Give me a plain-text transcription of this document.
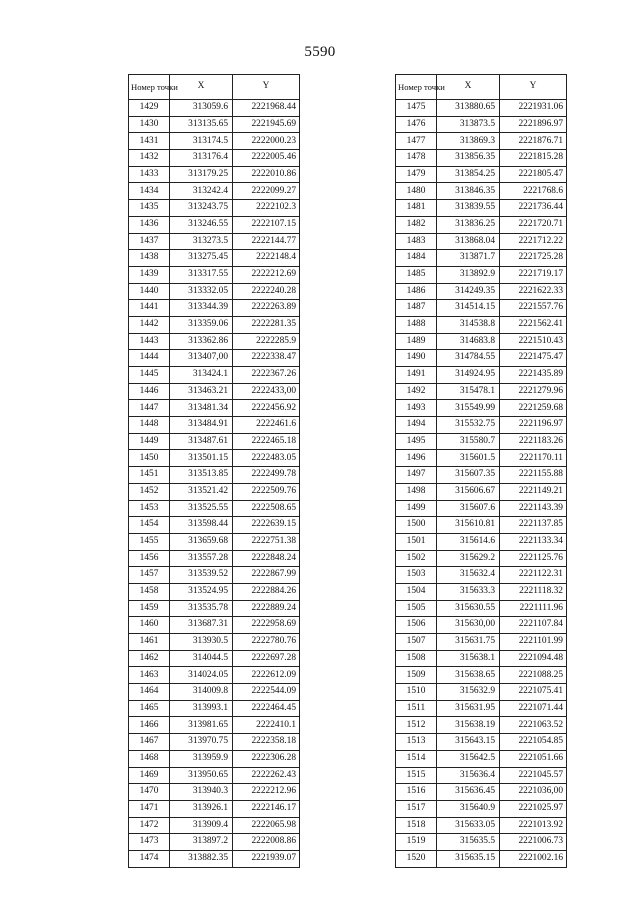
5590
Номер точки	X	Y
1429	313059.6	2221968.44
1430	313135.65	2221945.69
1431	313174.5	2222000.23
1432	313176.4	2222005.46
1433	313179.25	2222010.86
1434	313242.4	2222099.27
1435	313243.75	2222102.3
1436	313246.55	2222107.15
1437	313273.5	2222144.77
1438	313275.45	2222148.4
1439	313317.55	2222212.69
1440	313332.05	2222240.28
1441	313344.39	2222263.89
1442	313359.06	2222281.35
1443	313362.86	2222285.9
1444	313407,00	2222338.47
1445	313424.1	2222367.26
1446	313463.21	2222433,00
1447	313481.34	2222456.92
1448	313484.91	2222461.6
1449	313487.61	2222465.18
1450	313501.15	2222483.05
1451	313513.85	2222499.78
1452	313521.42	2222509.76
1453	313525.55	2222508.65
1454	313598.44	2222639.15
1455	313659.68	2222751.38
1456	313557.28	2222848.24
1457	313539.52	2222867.99
1458	313524.95	2222884.26
1459	313535.78	2222889.24
1460	313687.31	2222958.69
1461	313930.5	2222780.76
1462	314044.5	2222697.28
1463	314024.05	2222612.09
1464	314009.8	2222544.09
1465	313993.1	2222464.45
1466	313981.65	2222410.1
1467	313970.75	2222358.18
1468	313959.9	2222306.28
1469	313950.65	2222262.43
1470	313940.3	2222212.96
1471	313926.1	2222146.17
1472	313909.4	2222065.98
1473	313897.2	2222008.86
1474	313882.35	2221939.07
Номер точки	X	Y
1475	313880.65	2221931.06
1476	313873.5	2221896.97
1477	313869.3	2221876.71
1478	313856.35	2221815.28
1479	313854.25	2221805.47
1480	313846.35	2221768.6
1481	313839.55	2221736.44
1482	313836.25	2221720.71
1483	313868.04	2221712.22
1484	313871.7	2221725.28
1485	313892.9	2221719.17
1486	314249.35	2221622.33
1487	314514.15	2221557.76
1488	314538.8	2221562.41
1489	314683.8	2221510.43
1490	314784.55	2221475.47
1491	314924.95	2221435.89
1492	315478.1	2221279.96
1493	315549.99	2221259.68
1494	315532.75	2221196.97
1495	315580.7	2221183.26
1496	315601.5	2221170.11
1497	315607.35	2221155.88
1498	315606.67	2221149.21
1499	315607.6	2221143.39
1500	315610.81	2221137.85
1501	315614.6	2221133.34
1502	315629.2	2221125.76
1503	315632.4	2221122.31
1504	315633.3	2221118.32
1505	315630.55	2221111.96
1506	315630,00	2221107.84
1507	315631.75	2221101.99
1508	315638.1	2221094.48
1509	315638.65	2221088.25
1510	315632.9	2221075.41
1511	315631.95	2221071.44
1512	315638.19	2221063.52
1513	315643.15	2221054.85
1514	315642.5	2221051.66
1515	315636.4	2221045.57
1516	315636.45	2221036,00
1517	315640.9	2221025.97
1518	315633.05	2221013.92
1519	315635.5	2221006.73
1520	315635.15	2221002.16
